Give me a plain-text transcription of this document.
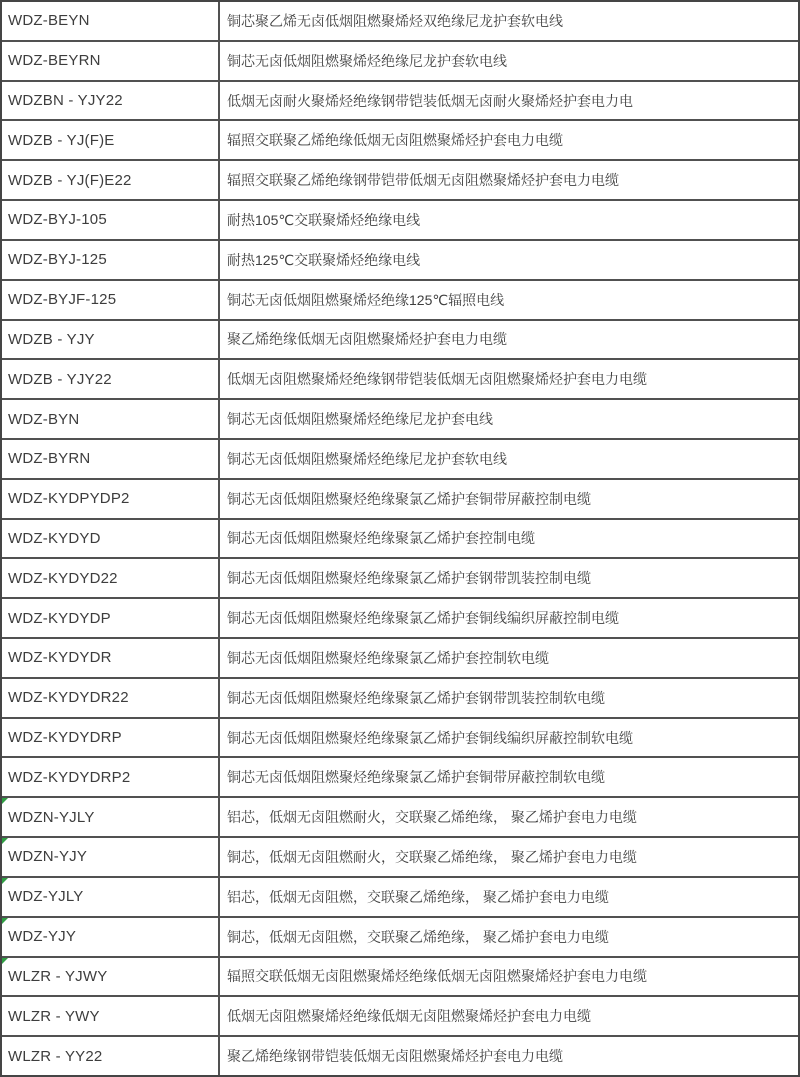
WDZ-BEYN	铜芯聚乙烯无卤低烟阻燃聚烯烃双绝缘尼龙护套软电线
WDZ-BEYRN	铜芯无卤低烟阻燃聚烯烃绝缘尼龙护套软电线
WDZBN - YJY22	低烟无卤耐火聚烯烃绝缘钢带铠装低烟无卤耐火聚烯烃护套电力电
WDZB - YJ(F)E	辐照交联聚乙烯绝缘低烟无卤阻燃聚烯烃护套电力电缆
WDZB - YJ(F)E22	辐照交联聚乙烯绝缘钢带铠带低烟无卤阻燃聚烯烃护套电力电缆
WDZ-BYJ-105	耐热105℃交联聚烯烃绝缘电线
WDZ-BYJ-125	耐热125℃交联聚烯烃绝缘电线
WDZ-BYJF-125	铜芯无卤低烟阻燃聚烯烃绝缘125℃辐照电线
WDZB - YJY	聚乙烯绝缘低烟无卤阻燃聚烯烃护套电力电缆
WDZB - YJY22	低烟无卤阻燃聚烯烃绝缘钢带铠装低烟无卤阻燃聚烯烃护套电力电缆
WDZ-BYN	铜芯无卤低烟阻燃聚烯烃绝缘尼龙护套电线
WDZ-BYRN	铜芯无卤低烟阻燃聚烯烃绝缘尼龙护套软电线
WDZ-KYDPYDP2	铜芯无卤低烟阻燃聚烃绝缘聚氯乙烯护套铜带屏蔽控制电缆
WDZ-KYDYD	铜芯无卤低烟阻燃聚烃绝缘聚氯乙烯护套控制电缆
WDZ-KYDYD22	铜芯无卤低烟阻燃聚烃绝缘聚氯乙烯护套钢带凯装控制电缆
WDZ-KYDYDP	铜芯无卤低烟阻燃聚烃绝缘聚氯乙烯护套铜线编织屏蔽控制电缆
WDZ-KYDYDR	铜芯无卤低烟阻燃聚烃绝缘聚氯乙烯护套控制软电缆
WDZ-KYDYDR22	铜芯无卤低烟阻燃聚烃绝缘聚氯乙烯护套钢带凯装控制软电缆
WDZ-KYDYDRP	铜芯无卤低烟阻燃聚烃绝缘聚氯乙烯护套铜线编织屏蔽控制软电缆
WDZ-KYDYDRP2	铜芯无卤低烟阻燃聚烃绝缘聚氯乙烯护套铜带屏蔽控制软电缆
WDZN-YJLY	铝芯，低烟无卤阻燃耐火，交联聚乙烯绝缘， 聚乙烯护套电力电缆
WDZN-YJY	铜芯，低烟无卤阻燃耐火，交联聚乙烯绝缘， 聚乙烯护套电力电缆
WDZ-YJLY	铝芯，低烟无卤阻燃，交联聚乙烯绝缘， 聚乙烯护套电力电缆
WDZ-YJY	铜芯，低烟无卤阻燃，交联聚乙烯绝缘， 聚乙烯护套电力电缆
WLZR - YJWY	辐照交联低烟无卤阻燃聚烯烃绝缘低烟无卤阻燃聚烯烃护套电力电缆
WLZR - YWY	低烟无卤阻燃聚烯烃绝缘低烟无卤阻燃聚烯烃护套电力电缆
WLZR - YY22	聚乙烯绝缘钢带铠装低烟无卤阻燃聚烯烃护套电力电缆
